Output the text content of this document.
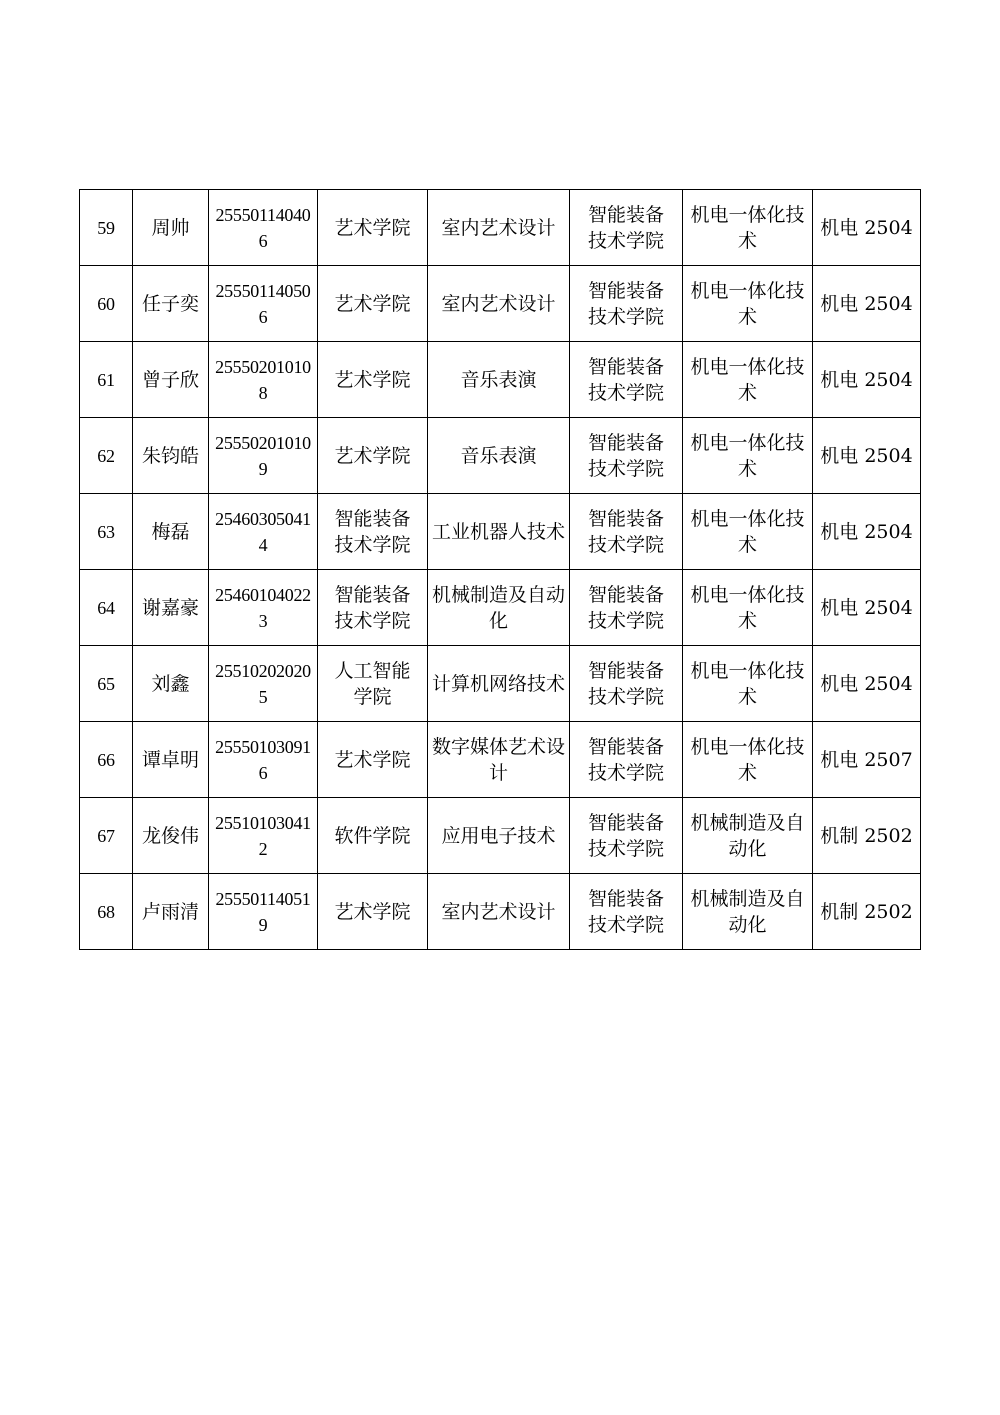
59	周帅	255501140406	艺术学院	室内艺术设计	智能装备技术学院	机电一体化技术	机电 2504
60	任子奕	255501140506	艺术学院	室内艺术设计	智能装备技术学院	机电一体化技术	机电 2504
61	曾子欣	255502010108	艺术学院	音乐表演	智能装备技术学院	机电一体化技术	机电 2504
62	朱钧皓	255502010109	艺术学院	音乐表演	智能装备技术学院	机电一体化技术	机电 2504
63	梅磊	254603050414	智能装备技术学院	工业机器人技术	智能装备技术学院	机电一体化技术	机电 2504
64	谢嘉豪	254601040223	智能装备技术学院	机械制造及自动化	智能装备技术学院	机电一体化技术	机电 2504
65	刘鑫	255102020205	人工智能学院	计算机网络技术	智能装备技术学院	机电一体化技术	机电 2504
66	谭卓明	255501030916	艺术学院	数字媒体艺术设计	智能装备技术学院	机电一体化技术	机电 2507
67	龙俊伟	255101030412	软件学院	应用电子技术	智能装备技术学院	机械制造及自动化	机制 2502
68	卢雨清	255501140519	艺术学院	室内艺术设计	智能装备技术学院	机械制造及自动化	机制 2502
